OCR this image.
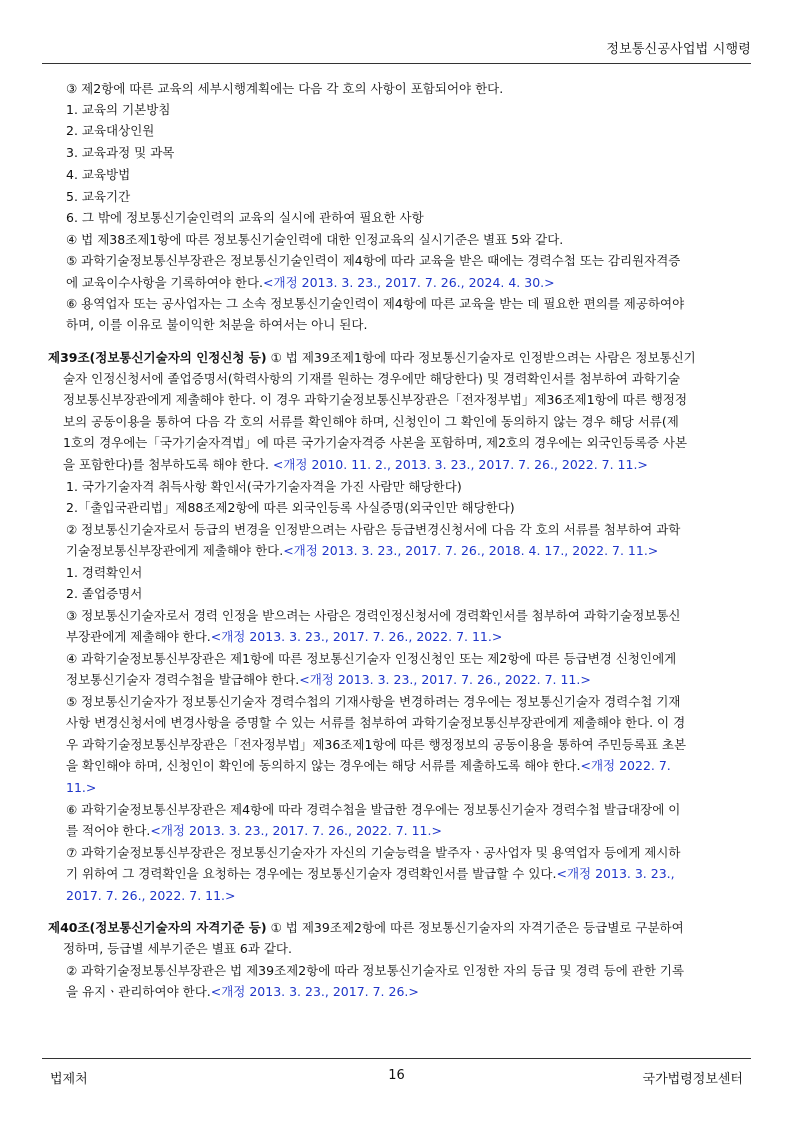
정보통신공사업법 시행령
③ 제2항에 따른 교육의 세부시행계획에는 다음 각 호의 사항이 포함되어야 한다.
1. 교육의 기본방침
2. 교육대상인원
3. 교육과정 및 과목
4. 교육방법
5. 교육기간
6. 그 밖에 정보통신기술인력의 교육의 실시에 관하여 필요한 사항
④ 법 제38조제1항에 따른 정보통신기술인력에 대한 인정교육의 실시기준은 별표 5와 같다.
⑤ 과학기술정보통신부장관은 정보통신기술인력이 제4항에 따라 교육을 받은 때에는 경력수첩 또는 감리원자격증
에 교육이수사항을 기록하여야 한다.<개정 2013. 3. 23., 2017. 7. 26., 2024. 4. 30.>
⑥ 용역업자 또는 공사업자는 그 소속 정보통신기술인력이 제4항에 따른 교육을 받는 데 필요한 편의를 제공하여야
하며, 이를 이유로 불이익한 처분을 하여서는 아니 된다.
제39조(정보통신기술자의 인정신청 등) ① 법 제39조제1항에 따라 정보통신기술자로 인정받으려는 사람은 정보통신기
술자 인정신청서에 졸업증명서(학력사항의 기재를 원하는 경우에만 해당한다) 및 경력확인서를 첨부하여 과학기술
정보통신부장관에게 제출해야 한다. 이 경우 과학기술정보통신부장관은「전자정부법」제36조제1항에 따른 행정정
보의 공동이용을 통하여 다음 각 호의 서류를 확인해야 하며, 신청인이 그 확인에 동의하지 않는 경우 해당 서류(제
1호의 경우에는「국가기술자격법」에 따른 국가기술자격증 사본을 포함하며, 제2호의 경우에는 외국인등록증 사본
을 포함한다)를 첨부하도록 해야 한다. <개정 2010. 11. 2., 2013. 3. 23., 2017. 7. 26., 2022. 7. 11.>
1. 국가기술자격 취득사항 확인서(국가기술자격을 가진 사람만 해당한다)
2.「출입국관리법」제88조제2항에 따른 외국인등록 사실증명(외국인만 해당한다)
② 정보통신기술자로서 등급의 변경을 인정받으려는 사람은 등급변경신청서에 다음 각 호의 서류를 첨부하여 과학
기술정보통신부장관에게 제출해야 한다.<개정 2013. 3. 23., 2017. 7. 26., 2018. 4. 17., 2022. 7. 11.>
1. 경력확인서
2. 졸업증명서
③ 정보통신기술자로서 경력 인정을 받으려는 사람은 경력인정신청서에 경력확인서를 첨부하여 과학기술정보통신
부장관에게 제출해야 한다.<개정 2013. 3. 23., 2017. 7. 26., 2022. 7. 11.>
④ 과학기술정보통신부장관은 제1항에 따른 정보통신기술자 인정신청인 또는 제2항에 따른 등급변경 신청인에게
정보통신기술자 경력수첩을 발급해야 한다.<개정 2013. 3. 23., 2017. 7. 26., 2022. 7. 11.>
⑤ 정보통신기술자가 정보통신기술자 경력수첩의 기재사항을 변경하려는 경우에는 정보통신기술자 경력수첩 기재
사항 변경신청서에 변경사항을 증명할 수 있는 서류를 첨부하여 과학기술정보통신부장관에게 제출해야 한다. 이 경
우 과학기술정보통신부장관은「전자정부법」제36조제1항에 따른 행정정보의 공동이용을 통하여 주민등록표 초본
을 확인해야 하며, 신청인이 확인에 동의하지 않는 경우에는 해당 서류를 제출하도록 해야 한다.<개정 2022. 7.
11.>
⑥ 과학기술정보통신부장관은 제4항에 따라 경력수첩을 발급한 경우에는 정보통신기술자 경력수첩 발급대장에 이
를 적어야 한다.<개정 2013. 3. 23., 2017. 7. 26., 2022. 7. 11.>
⑦ 과학기술정보통신부장관은 정보통신기술자가 자신의 기술능력을 발주자ㆍ공사업자 및 용역업자 등에게 제시하
기 위하여 그 경력확인을 요청하는 경우에는 정보통신기술자 경력확인서를 발급할 수 있다.<개정 2013. 3. 23.,
2017. 7. 26., 2022. 7. 11.>
제40조(정보통신기술자의 자격기준 등) ① 법 제39조제2항에 따른 정보통신기술자의 자격기준은 등급별로 구분하여
정하며, 등급별 세부기준은 별표 6과 같다.
② 과학기술정보통신부장관은 법 제39조제2항에 따라 정보통신기술자로 인정한 자의 등급 및 경력 등에 관한 기록
을 유지ㆍ관리하여야 한다.<개정 2013. 3. 23., 2017. 7. 26.>
법제처	16	국가법령정보센터
